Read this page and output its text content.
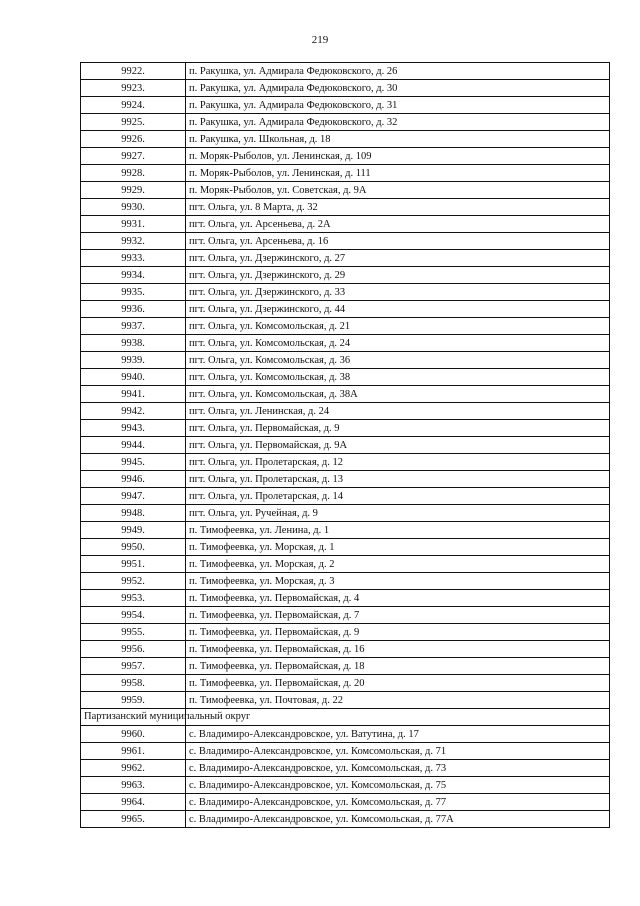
219
9922.	п. Ракушка, ул. Адмирала Федюковского, д. 26
9923.	п. Ракушка, ул. Адмирала Федюковского, д. 30
9924.	п. Ракушка, ул. Адмирала Федюковского, д. 31
9925.	п. Ракушка, ул. Адмирала Федюковского, д. 32
9926.	п. Ракушка, ул. Школьная, д. 18
9927.	п. Моряк-Рыболов, ул. Ленинская, д. 109
9928.	п. Моряк-Рыболов, ул. Ленинская, д. 111
9929.	п. Моряк-Рыболов, ул. Советская, д. 9А
9930.	пгт. Ольга, ул. 8 Марта, д. 32
9931.	пгт. Ольга, ул. Арсеньева, д. 2А
9932.	пгт. Ольга, ул. Арсеньева, д. 16
9933.	пгт. Ольга, ул. Дзержинского, д. 27
9934.	пгт. Ольга, ул. Дзержинского, д. 29
9935.	пгт. Ольга, ул. Дзержинского, д. 33
9936.	пгт. Ольга, ул. Дзержинского, д. 44
9937.	пгт. Ольга, ул. Комсомольская, д. 21
9938.	пгт. Ольга, ул. Комсомольская, д. 24
9939.	пгт. Ольга, ул. Комсомольская, д. 36
9940.	пгт. Ольга, ул. Комсомольская, д. 38
9941.	пгт. Ольга, ул. Комсомольская, д. 38А
9942.	пгт. Ольга, ул. Ленинская, д. 24
9943.	пгт. Ольга, ул. Первомайская, д. 9
9944.	пгт. Ольга, ул. Первомайская, д. 9А
9945.	пгт. Ольга, ул. Пролетарская, д. 12
9946.	пгт. Ольга, ул. Пролетарская, д. 13
9947.	пгт. Ольга, ул. Пролетарская, д. 14
9948.	пгт. Ольга, ул. Ручейная, д. 9
9949.	п. Тимофеевка, ул. Ленина, д. 1
9950.	п. Тимофеевка, ул. Морская, д. 1
9951.	п. Тимофеевка, ул. Морская, д. 2
9952.	п. Тимофеевка, ул. Морская, д. 3
9953.	п. Тимофеевка, ул. Первомайская, д. 4
9954.	п. Тимофеевка, ул. Первомайская, д. 7
9955.	п. Тимофеевка, ул. Первомайская, д. 9
9956.	п. Тимофеевка, ул. Первомайская, д. 16
9957.	п. Тимофеевка, ул. Первомайская, д. 18
9958.	п. Тимофеевка, ул. Первомайская, д. 20
9959.	п. Тимофеевка, ул. Почтовая, д. 22
Партизанский муниципальный округ	
9960.	с. Владимиро-Александровское, ул. Ватутина, д. 17
9961.	с. Владимиро-Александровское, ул. Комсомольская, д. 71
9962.	с. Владимиро-Александровское, ул. Комсомольская, д. 73
9963.	с. Владимиро-Александровское, ул. Комсомольская, д. 75
9964.	с. Владимиро-Александровское, ул. Комсомольская, д. 77
9965.	с. Владимиро-Александровское, ул. Комсомольская, д. 77А
